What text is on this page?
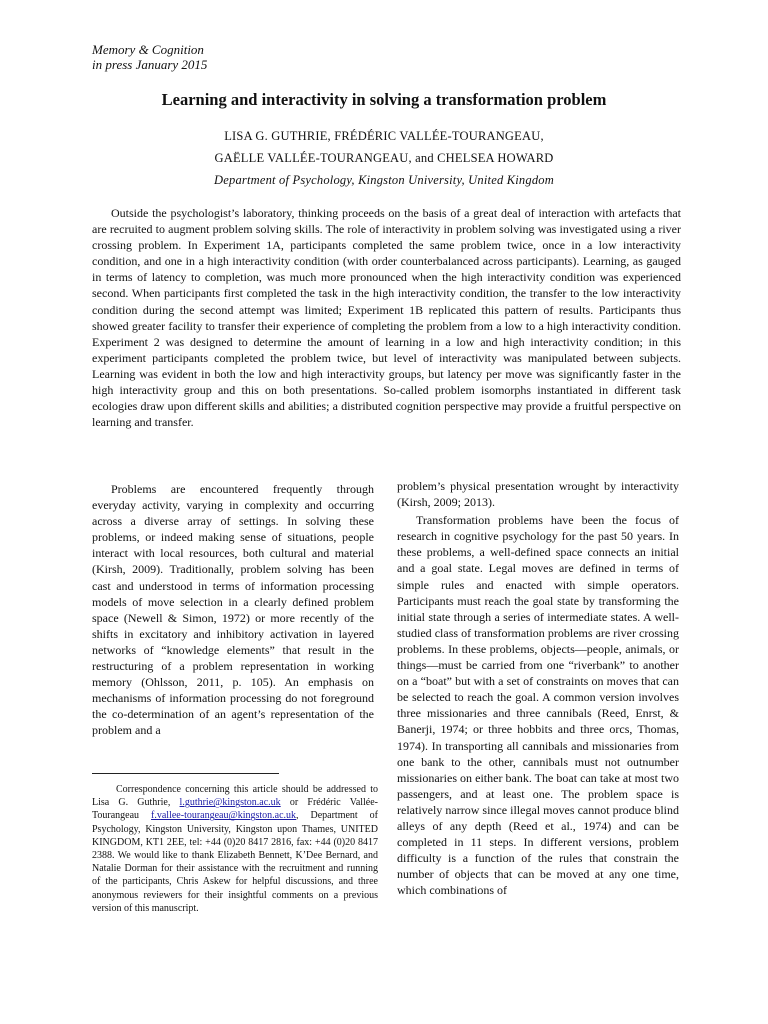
Memory & Cognition
in press January 2015
Learning and interactivity in solving a transformation problem
LISA G. GUTHRIE, FRÉDÉRIC VALLÉE-TOURANGEAU,
GAËLLE VALLÉE-TOURANGEAU, and CHELSEA HOWARD
Department of Psychology, Kingston University, United Kingdom
Outside the psychologist’s laboratory, thinking proceeds on the basis of a great deal of interaction with artefacts that are recruited to augment problem solving skills. The role of interactivity in problem solving was investigated using a river crossing problem. In Experiment 1A, participants completed the same problem twice, once in a low interactivity condition, and one in a high interactivity condition (with order counterbalanced across participants). Learning, as gauged in terms of latency to completion, was much more pronounced when the high interactivity condition was experienced second. When participants first completed the task in the high interactivity condition, the transfer to the low interactivity condition during the second attempt was limited; Experiment 1B replicated this pattern of results. Participants thus showed greater facility to transfer their experience of completing the problem from a low to a high interactivity condition. Experiment 2 was designed to determine the amount of learning in a low and high interactivity condition; in this experiment participants completed the problem twice, but level of interactivity was manipulated between subjects. Learning was evident in both the low and high interactivity groups, but latency per move was significantly faster in the high interactivity group and this on both presentations. So-called problem isomorphs instantiated in different task ecologies draw upon different skills and abilities; a distributed cognition perspective may provide a fruitful perspective on learning and transfer.

Problems are encountered frequently through everyday activity, varying in complexity and occurring across a diverse array of settings. In solving these problems, or indeed making sense of situations, people interact with local resources, both cultural and material (Kirsh, 2009). Traditionally, problem solving has been cast and understood in terms of information processing models of move selection in a clearly defined problem space (Newell & Simon, 1972) or more recently of the shifts in excitatory and inhibitory activation in layered networks of “knowledge elements” that result in the restructuring of a problem representation in working memory (Ohlsson, 2011, p. 105). An emphasis on mechanisms of information processing do not foreground the co-determination of an agent’s representation of the problem and a

problem’s physical presentation wrought by interactivity (Kirsh, 2009; 2013).

Transformation problems have been the focus of research in cognitive psychology for the past 50 years. In these problems, a well-defined space connects an initial and a goal state. Legal moves are defined in terms of simple rules and enacted with simple operators. Participants must reach the goal state by transforming the initial state through a series of intermediate states. A well-studied class of transformation problems are river crossing problems. In these problems, objects—people, animals, or things—must be carried from one “riverbank” to another on a “boat” but with a set of constraints on moves that can be selected to reach the goal. A common version involves three missionaries and three cannibals (Reed, Enrst, & Banerji, 1974; or three hobbits and three orcs, Thomas, 1974). In transporting all cannibals and missionaries from one bank to the other, cannibals must not outnumber missionaries on either bank. The boat can take at most two passengers, and at least one. The problem space is relatively narrow since illegal moves cannot produce blind alleys of any depth (Reed et al., 1974) and can be completed in 11 steps. In different versions, problem difficulty is a function of the rules that constrain the number of objects that can be moved at any one time, which combinations of

Correspondence concerning this article should be addressed to Lisa G. Guthrie, l.guthrie@kingston.ac.uk or Frédéric Vallée-Tourangeau f.vallee-tourangeau@kingston.ac.uk, Department of Psychology, Kingston University, Kingston upon Thames, UNITED KINGDOM, KT1 2EE, tel: +44 (0)20 8417 2816, fax: +44 (0)20 8417 2388. We would like to thank Elizabeth Bennett, K’Dee Bernard, and Natalie Dorman for their assistance with the recruitment and running of the participants, Chris Askew for helpful discussions, and three anonymous reviewers for their insightful comments on a previous version of this manuscript.
